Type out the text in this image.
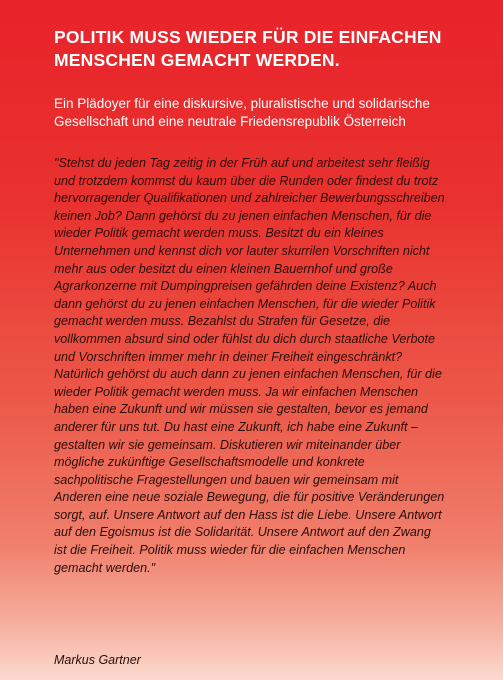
POLITIK MUSS WIEDER FÜR DIE EINFACHEN MENSCHEN GEMACHT WERDEN.
Ein Plädoyer für eine diskursive, pluralistische und solidarische Gesellschaft und eine neutrale Friedensrepublik Österreich

"Stehst du jeden Tag zeitig in der Früh auf und arbeitest sehr fleißig und trotzdem kommst du kaum über die Runden oder findest du trotz hervorragender Qualifikationen und zahlreicher Bewerbungsschreiben keinen Job? Dann gehörst du zu jenen einfachen Menschen, für die wieder Politik gemacht werden muss. Besitzt du ein kleines Unternehmen und kennst dich vor lauter skurrilen Vorschriften nicht mehr aus oder besitzt du einen kleinen Bauernhof und große Agrarkonzerne mit Dumpingpreisen gefährden deine Existenz? Auch dann gehörst du zu jenen einfachen Menschen, für die wieder Politik gemacht werden muss. Bezahlst du Strafen für Gesetze, die vollkommen absurd sind oder fühlst du dich durch staatliche Verbote und Vorschriften immer mehr in deiner Freiheit eingeschränkt? Natürlich gehörst du auch dann zu jenen einfachen Menschen, für die wieder Politik gemacht werden muss. Ja wir einfachen Menschen haben eine Zukunft und wir müssen sie gestalten, bevor es jemand anderer für uns tut. Du hast eine Zukunft, ich habe eine Zukunft – gestalten wir sie gemeinsam. Diskutieren wir miteinander über mögliche zukünftige Gesellschaftsmodelle und konkrete sachpolitische Fragestellungen und bauen wir gemeinsam mit Anderen eine neue soziale Bewegung, die für positive Veränderungen sorgt, auf. Unsere Antwort auf den Hass ist die Liebe. Unsere Antwort auf den Egoismus ist die Solidarität. Unsere Antwort auf den Zwang ist die Freiheit. Politik muss wieder für die einfachen Menschen gemacht werden."

Markus Gartner
